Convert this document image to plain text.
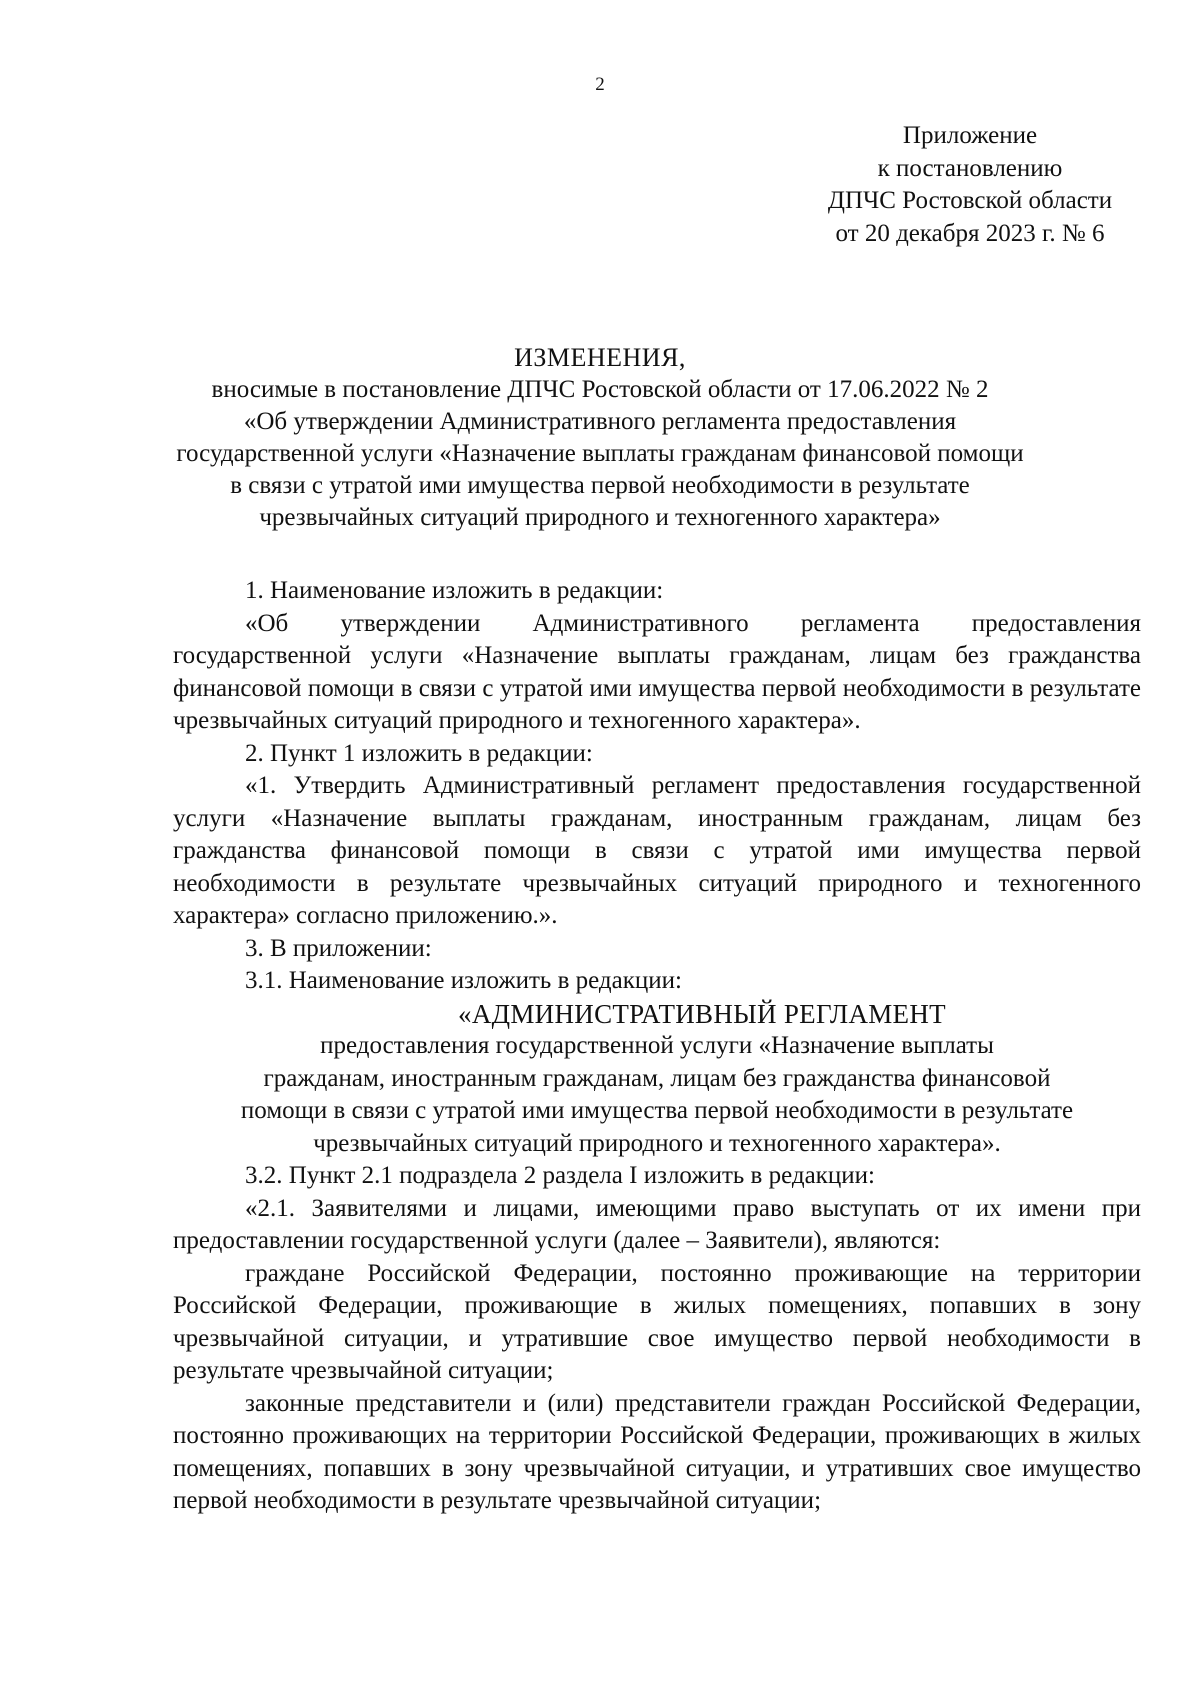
2
Приложение
к постановлению
ДПЧС Ростовской области
от 20 декабря 2023 г. № 6
ИЗМЕНЕНИЯ,
вносимые в постановление ДПЧС Ростовской области от 17.06.2022 № 2
«Об утверждении Административного регламента предоставления
государственной услуги «Назначение выплаты гражданам финансовой помощи
в связи с утратой ими имущества первой необходимости в результате
чрезвычайных ситуаций природного и техногенного характера»

1. Наименование изложить в редакции:

«Об утверждении Административного регламента предоставления государственной услуги «Назначение выплаты гражданам, лицам без гражданства финансовой помощи в связи с утратой ими имущества первой необходимости в результате чрезвычайных ситуаций природного и техногенного характера».

2. Пункт 1 изложить в редакции:

«1. Утвердить Административный регламент предоставления государственной услуги «Назначение выплаты гражданам, иностранным гражданам, лицам без гражданства финансовой помощи в связи с утратой ими имущества первой необходимости в результате чрезвычайных ситуаций природного и техногенного характера» согласно приложению.».

3. В приложении:

3.1. Наименование изложить в редакции:

«АДМИНИСТРАТИВНЫЙ РЕГЛАМЕНТ
предоставления государственной услуги «Назначение выплаты
гражданам, иностранным гражданам, лицам без гражданства финансовой
помощи в связи с утратой ими имущества первой необходимости в результате
чрезвычайных ситуаций природного и техногенного характера».

3.2. Пункт 2.1 подраздела 2 раздела I изложить в редакции:

«2.1. Заявителями и лицами, имеющими право выступать от их имени при предоставлении государственной услуги (далее – Заявители), являются:

граждане Российской Федерации, постоянно проживающие на территории Российской Федерации, проживающие в жилых помещениях, попавших в зону чрезвычайной ситуации, и утратившие свое имущество первой необходимости в результате чрезвычайной ситуации;

законные представители и (или) представители граждан Российской Федерации, постоянно проживающих на территории Российской Федерации, проживающих в жилых помещениях, попавших в зону чрезвычайной ситуации, и утративших свое имущество первой необходимости в результате чрезвычайной ситуации;
